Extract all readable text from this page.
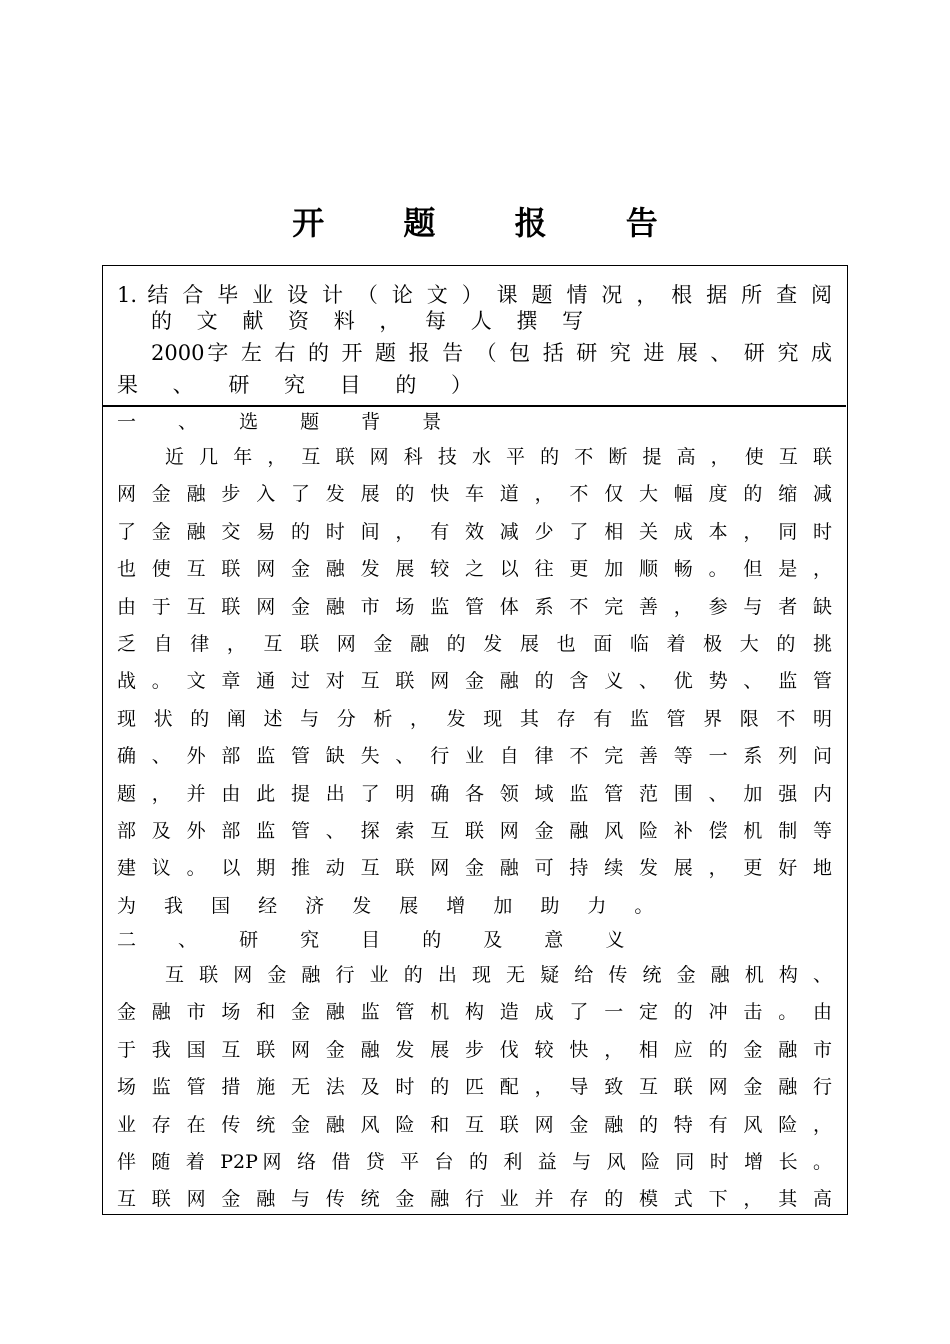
开 题 报 告
1. 结 合 毕 业 设 计 （ 论 文 ） 课 题 情 况 ， 根 据 所 查 阅
的 文 献 资 料 ， 每 人 撰 写
2000字 左 右 的 开 题 报 告 （ 包 括 研 究 进 展 、 研 究 成
果 、 研 究 目 的 ）
一 、 选 题 背 景
近 几 年 ， 互 联 网 科 技 水 平 的 不 断 提 高 ， 使 互 联
网 金 融 步 入 了 发 展 的 快 车 道 ， 不 仅 大 幅 度 的 缩 减
了 金 融 交 易 的 时 间 ， 有 效 减 少 了 相 关 成 本 ， 同 时
也 使 互 联 网 金 融 发 展 较 之 以 往 更 加 顺 畅 。 但 是 ，
由 于 互 联 网 金 融 市 场 监 管 体 系 不 完 善 ， 参 与 者 缺
乏 自 律 ， 互 联 网 金 融 的 发 展 也 面 临 着 极 大 的 挑
战 。 文 章 通 过 对 互 联 网 金 融 的 含 义 、 优 势 、 监 管
现 状 的 阐 述 与 分 析 ， 发 现 其 存 有 监 管 界 限 不 明
确 、 外 部 监 管 缺 失 、 行 业 自 律 不 完 善 等 一 系 列 问
题 ， 并 由 此 提 出 了 明 确 各 领 域 监 管 范 围 、 加 强 内
部 及 外 部 监 管 、 探 索 互 联 网 金 融 风 险 补 偿 机 制 等
建 议 。 以 期 推 动 互 联 网 金 融 可 持 续 发 展 ， 更 好 地
为 我 国 经 济 发 展 增 加 助 力 。
二 、 研 究 目 的 及 意 义
互 联 网 金 融 行 业 的 出 现 无 疑 给 传 统 金 融 机 构 、
金 融 市 场 和 金 融 监 管 机 构 造 成 了 一 定 的 冲 击 。 由
于 我 国 互 联 网 金 融 发 展 步 伐 较 快 ， 相 应 的 金 融 市
场 监 管 措 施 无 法 及 时 的 匹 配 ， 导 致 互 联 网 金 融 行
业 存 在 传 统 金 融 风 险 和 互 联 网 金 融 的 特 有 风 险 ，
伴 随 着 P2P网 络 借 贷 平 台 的 利 益 与 风 险 同 时 增 长 。
互 联 网 金 融 与 传 统 金 融 行 业 并 存 的 模 式 下 ， 其 高
